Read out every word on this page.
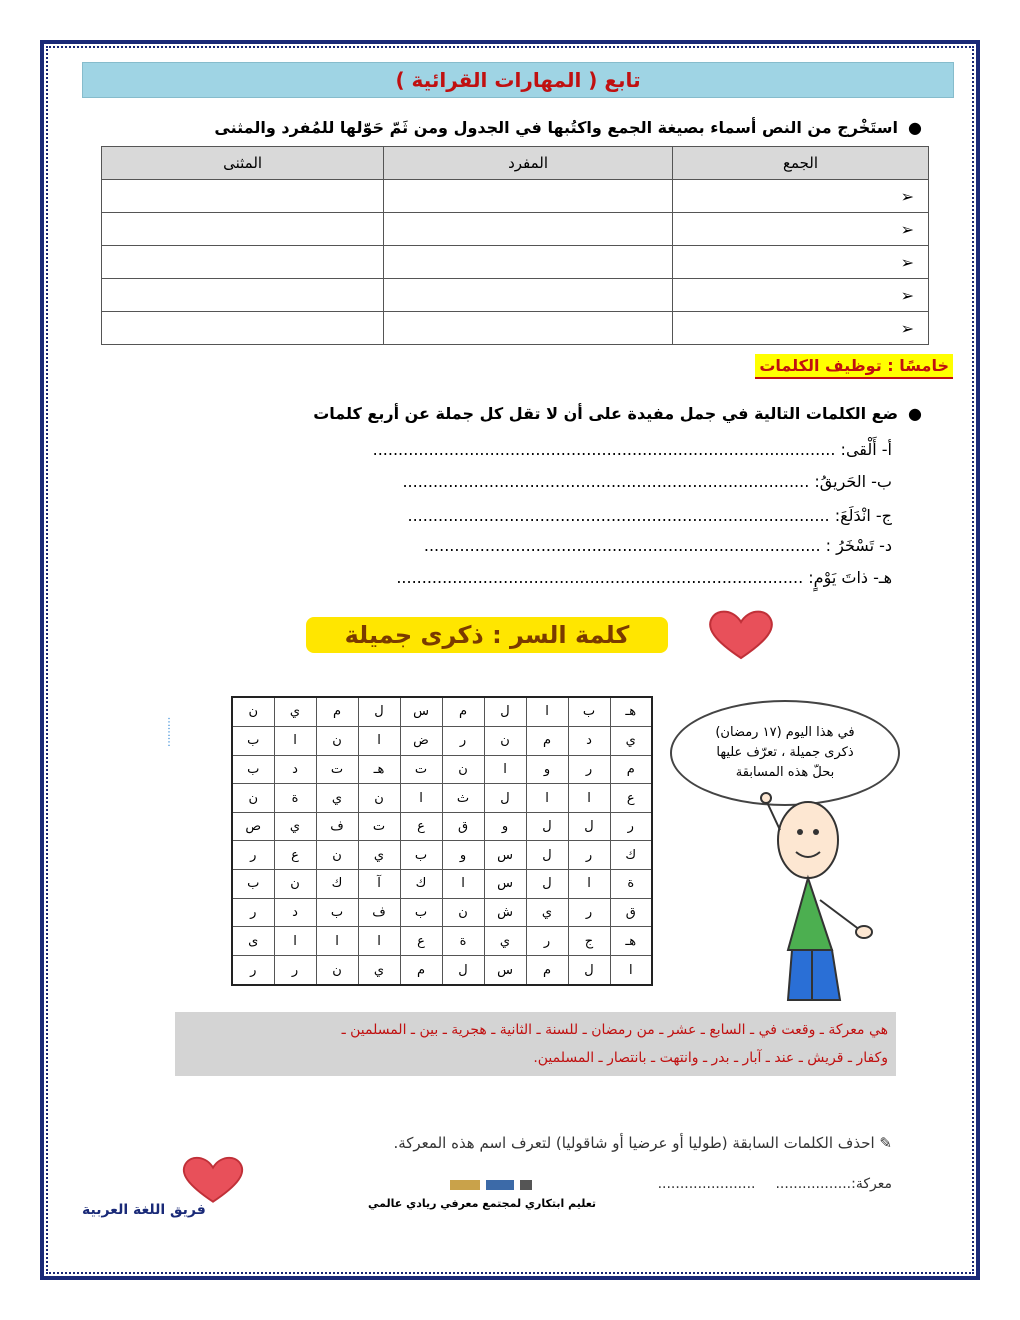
تابع ( المهارات القرائية )
●
استَخْرج من النص أسماء بصيغة الجمع واكتُبها في الجدول ومن ثَمّ حَوّلها للمُفرد والمثنى
الجمع	المفرد	المثنى
➢		
➢		
➢		
➢		
➢		
خامسًا : توظيف الكلمات
●
ضع الكلمات التالية في جمل مفيدة على أن لا تقل كل جملة عن أربع كلمات
أ- أَلْقى: ...........................................................................................
ب- الحَريقُ: ................................................................................
ج- انْدَلَعَ: ...................................................................................
د- تَسْخَرُ : ..............................................................................
هـ- ذاتَ يَوْمٍ: ................................................................................
كلمة السر : ذكرى جميلة
⋮
⋮
⋮
ن	ي	م	ل	س	م	ل	ا	ب	هـ
ب	ا	ن	ا	ض	ر	ن	م	د	ي
ب	د	ت	هـ	ت	ن	ا	و	ر	م
ن	ة	ي	ن	ا	ث	ل	ا	ا	ع
ص	ي	ف	ت	ع	ق	و	ل	ل	ر
ر	ع	ن	ي	ب	و	س	ل	ر	ك
ب	ن	ك	آ	ك	ا	س	ل	ا	ة
ر	د	ب	ف	ب	ن	ش	ي	ر	ق
ى	ا	ا	ا	ع	ة	ي	ر	ج	هـ
ر	ر	ن	ي	م	ل	س	م	ل	ا
في هذا اليوم (١٧ رمضان)
ذكرى جميلة ، تعرّف عليها
بحلّ هذه المسابقة
هي معركة ـ وقعت في ـ السابع ـ عشر ـ من رمضان ـ للسنة ـ الثانية ـ هجرية ـ بين ـ المسلمين ـ
وكفار ـ قريش ـ عند ـ آبار ـ بدر ـ وانتهت ـ بانتصار ـ المسلمين.
✎ احذف الكلمات السابقة (طوليا أو عرضيا أو شاقوليا) لتعرف اسم هذه المعركة.
معركة:.................
......................
تعليم ابتكاري لمجتمع معرفي ريادي عالمي
فريق اللغة العربية
